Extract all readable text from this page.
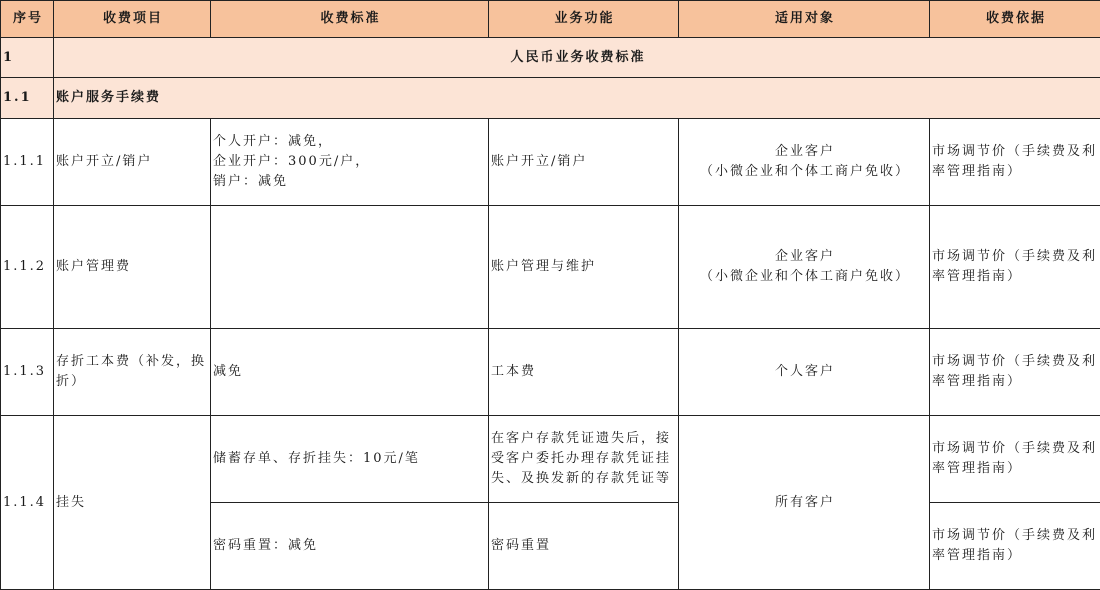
序号	收费项目	收费标准	业务功能	适用对象	收费依据
1	人民币业务收费标准				
1.1	账户服务手续费				
1.1.1	账户开立/销户	个人开户：减免，
企业开户：300元/户，
销户：减免	账户开立/销户	企业客户
（小微企业和个体工商户免收）	市场调节价（手续费及利率管理指南）
1.1.2	账户管理费		账户管理与维护	企业客户
（小微企业和个体工商户免收）	市场调节价（手续费及利率管理指南）
1.1.3	存折工本费（补发，换折）	减免	工本费	个人客户	市场调节价（手续费及利率管理指南）
1.1.4	挂失	储蓄存单、存折挂失：10元/笔	在客户存款凭证遗失后，接受客户委托办理存款凭证挂失、及换发新的存款凭证等	所有客户	市场调节价（手续费及利率管理指南）
		密码重置：减免	密码重置		市场调节价（手续费及利率管理指南）
